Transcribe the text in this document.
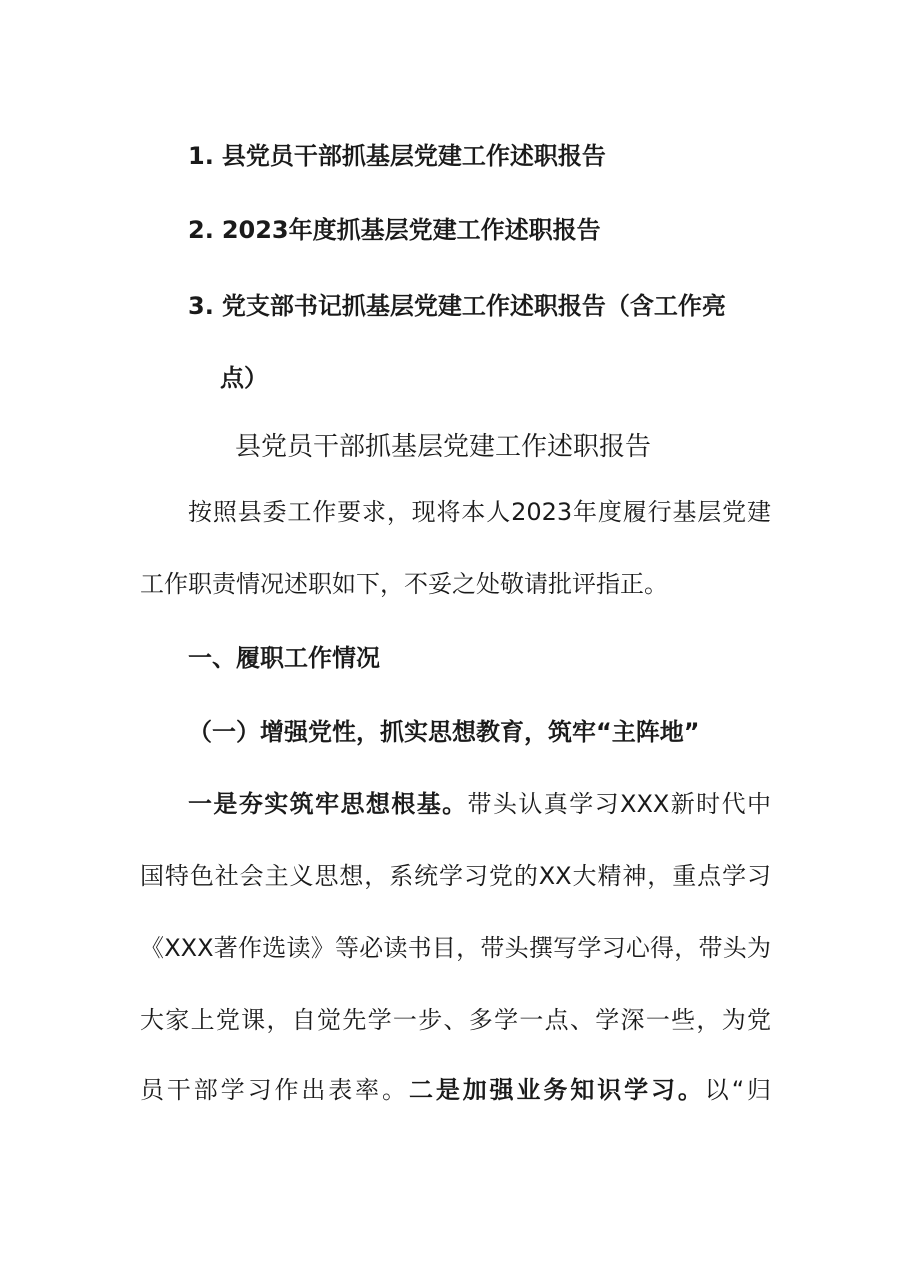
1. 县党员干部抓基层党建工作述职报告
2. 2023年度抓基层党建工作述职报告
3. 党支部书记抓基层党建工作述职报告（含工作亮
点）
县党员干部抓基层党建工作述职报告
按照县委工作要求，现将本人2023年度履行基层党建
工作职责情况述职如下，不妥之处敬请批评指正。
一、履职工作情况
（一）增强党性，抓实思想教育，筑牢“主阵地”
一是夯实筑牢思想根基。带头认真学习XXX新时代中
国特色社会主义思想，系统学习党的XX大精神，重点学习
《XXX著作选读》等必读书目，带头撰写学习心得，带头为
大家上党课，自觉先学一步、多学一点、学深一些，为党
员干部学习作出表率。二是加强业务知识学习。以“归
